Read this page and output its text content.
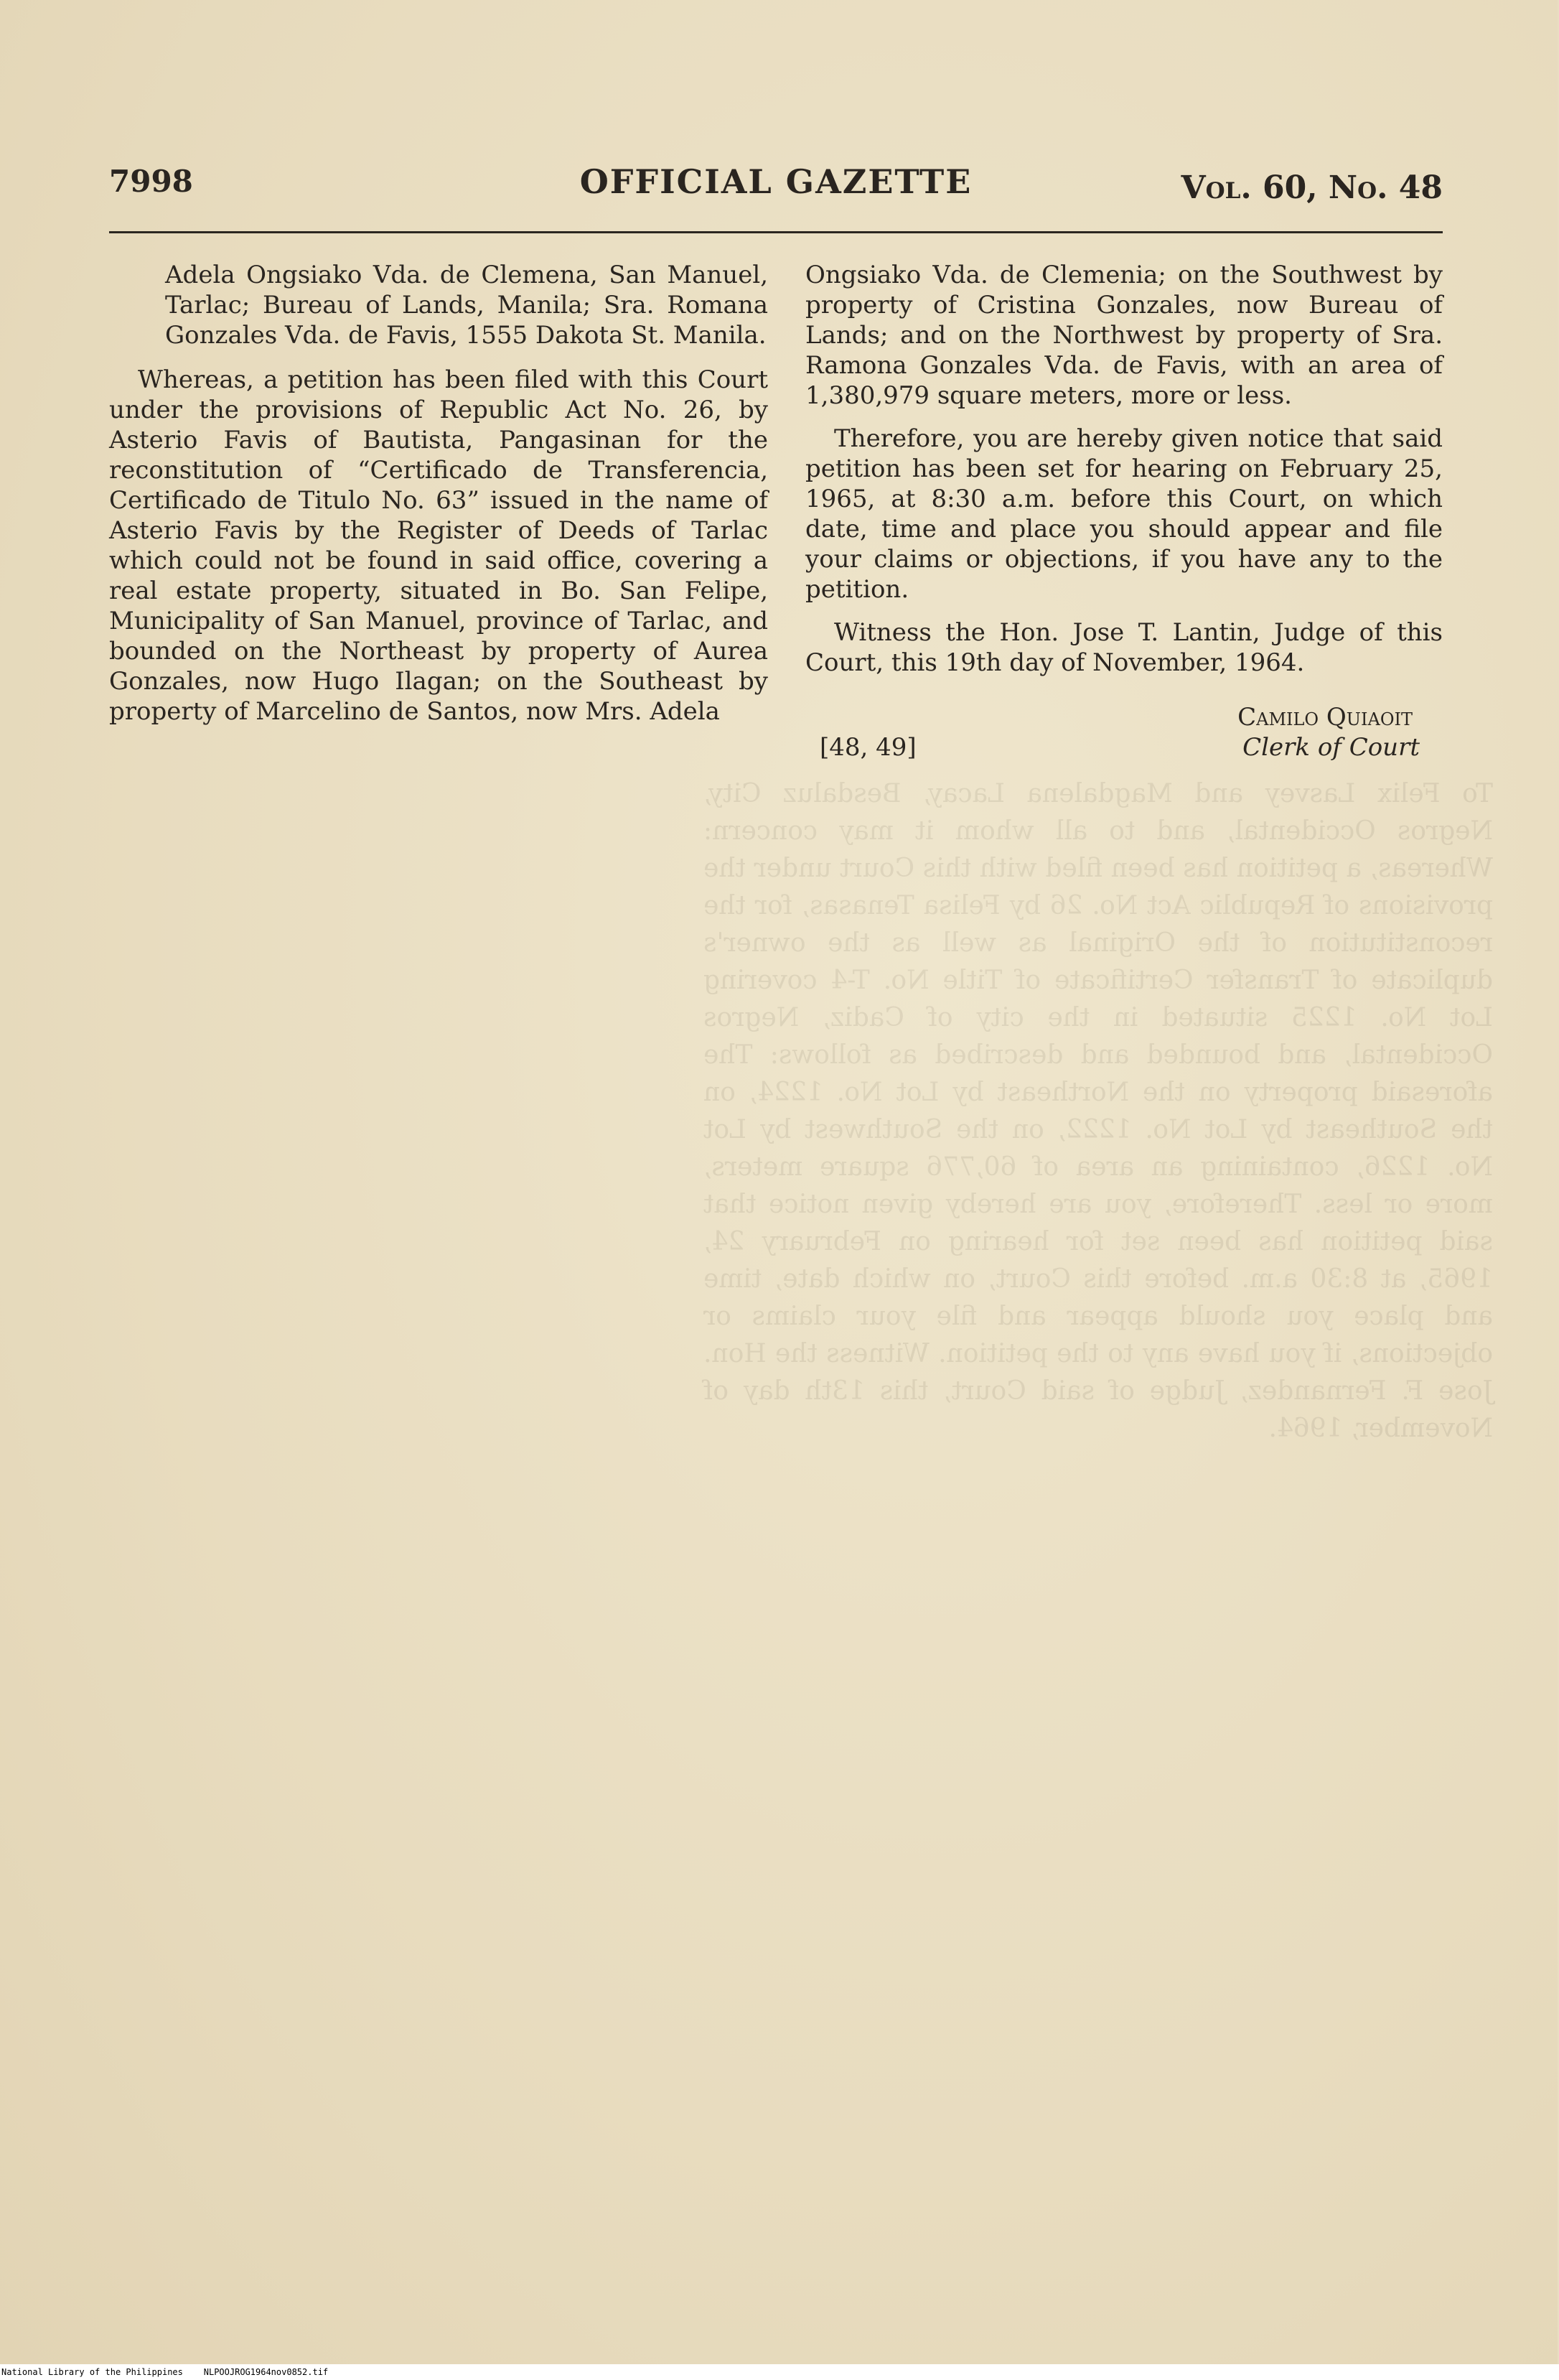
To Felix Lasvey and Magdalena Lacay, Besdaluz City, Negros Occidental, and to all whom it may concern: Whereas, a petition has been filed with this Court under the provisions of Republic Act No. 26 by Felisa Tenasas, for the reconstitution of the Original as well as the owner's duplicate of Transfer Certificate of Title No. T-4 covering Lot No. 1225 situated in the city of Cadiz, Negros Occidental, and bounded and described as follows: The aforesaid property on the Northeast by Lot No. 1224, on the Southeast by Lot No. 1222, on the Southwest by Lot No. 1226, containing an area of 60,776 square meters, more or less. Therefore, you are hereby given notice that said petition has been set for hearing on February 24, 1965, at 8:30 a.m. before this Court, on which date, time and place you should appear and file your claims or objections, if you have any to the petition. Witness the Hon. Jose F. Fernandez, Judge of said Court, this 13th day of November, 1964.
7998	OFFICIAL GAZETTE	Vol. 60, No. 48

Adela Ongsiako Vda. de Clemena, San Manuel, Tarlac; Bureau of Lands, Manila; Sra. Romana Gonzales Vda. de Favis, 1555 Dakota St. Manila.

Whereas, a petition has been filed with this Court under the provisions of Republic Act No. 26, by Asterio Favis of Bautista, Pangasinan for the reconstitution of “Certificado de Transferencia, Certificado de Titulo No. 63” issued in the name of Asterio Favis by the Register of Deeds of Tarlac which could not be found in said office, covering a real estate property, situated in Bo. San Felipe, Municipality of San Manuel, province of Tarlac, and bounded on the Northeast by property of Aurea Gonzales, now Hugo Ilagan; on the Southeast by property of Marcelino de Santos, now Mrs. Adela

Ongsiako Vda. de Clemenia; on the Southwest by property of Cristina Gonzales, now Bureau of Lands; and on the Northwest by property of Sra. Ramona Gonzales Vda. de Favis, with an area of 1,380,979 square meters, more or less.

Therefore, you are hereby given notice that said petition has been set for hearing on February 25, 1965, at 8:30 a.m. before this Court, on which date, time and place you should appear and file your claims or objections, if you have any to the petition.

Witness the Hon. Jose T. Lantin, Judge of this Court, this 19th day of November, 1964.

Camilo Quiaoit
[48, 49]	Clerk of Court
National Library of the Philippines    NLPOOJROG1964nov0852.tif
